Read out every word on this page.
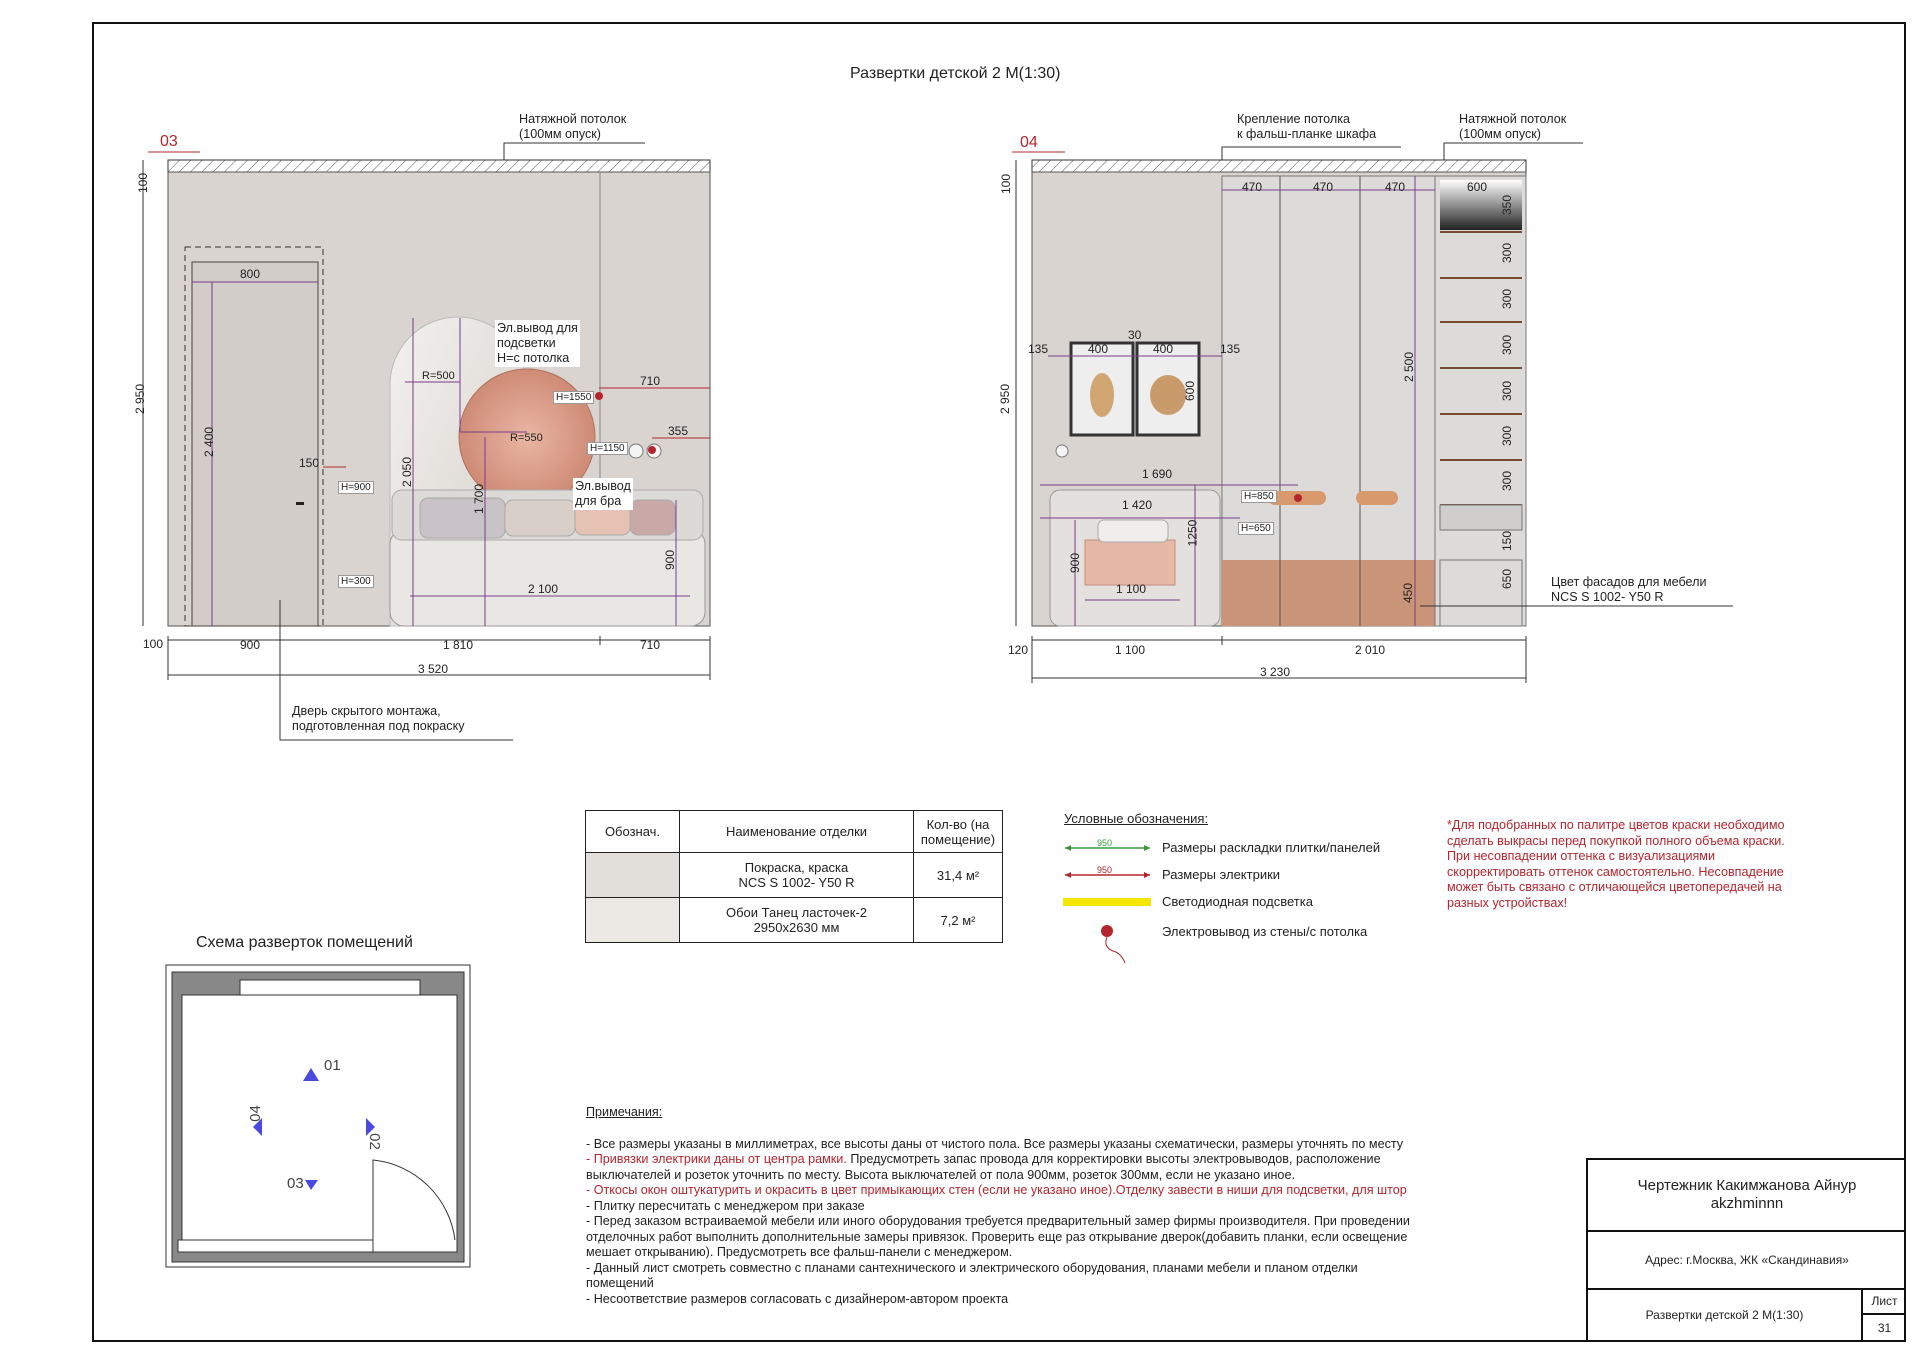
Развертки детской 2 М(1:30)
03
Натяжной потолок
(100мм опуск)
Дверь скрытого монтажа,
подготовленная под покраску
Эл.вывод для
подсветки
Н=с потолка
Эл.вывод
для бра
100
2 950
800
2 400
150
R=500
R=550
710
355
2 050
1 700
2 100
900
100	900	1 810	710
3 520
H=1550
H=1150
H=900
H=300
04
Крепление потолка
к фальш-планке шкафа
Натяжной потолок
(100мм опуск)
Цвет фасадов для мебели
NCS S 1002- Y50 R
100
2 950
470	470	470	600
350
300
300
300
300
300
300
150
650
2 500
450
135	400
30
400	135
600
1 690
1 420
900
1250
1 100
120	1 100	2 010
3 230
H=850
H=650
Обознач.	Наименование отделки	Кол-во (на
помещение)
	Покраска, краска
NCS S 1002- Y50 R	31,4 м²
	Обои Танец ласточек-2
2950х2630 мм	7,2 м²
Условные обозначения:
950
950
Размеры раскладки плитки/панелей
Размеры электрики
Светодиодная подсветка
Электровывод из стены/с потолка
*Для подобранных по палитре цветов краски необходимо
сделать выкрасы перед покупкой полного объема краски.
При несовпадении оттенка с визуализациями
скорректировать оттенок самостоятельно. Несовпадение
может быть связано с отличающейся цветопередачей на
разных устройствах!
Схема разверток помещений
01
02
03
04	Примечания:
- Все размеры указаны в миллиметрах, все высоты даны от чистого пола. Все размеры указаны схематически, размеры уточнять по месту
- Привязки электрики даны от центра рамки. Предусмотреть запас провода для корректировки высоты электровыводов, расположение
выключателей и розеток уточнить по месту. Высота выключателей от пола 900мм, розеток 300мм, если не указано иное.
- Откосы окон оштукатурить и окрасить в цвет примыкающих стен (если не указано иное).Отделку завести в ниши для подсветки, для штор
- Плитку пересчитать с менеджером при заказе
- Перед заказом встраиваемой мебели или иного оборудования требуется предварительный замер фирмы производителя. При проведении
отделочных работ выполнить дополнительные замеры привязок. Проверить еще раз открывание дверок(добавить планки, если освещение
мешает открыванию). Предусмотреть все фальш-панели с менеджером.
- Данный лист смотреть совместно с планами сантехнического и электрического оборудования, планами мебели и планом отделки
помещений
- Несоответствие размеров согласовать с дизайнером-автором проекта
Чертежник Какимжанова Айнур
akzhminnn
Адрес: г.Москва, ЖК «Скандинавия»
Развертки детской 2 М(1:30)
Лист
31
